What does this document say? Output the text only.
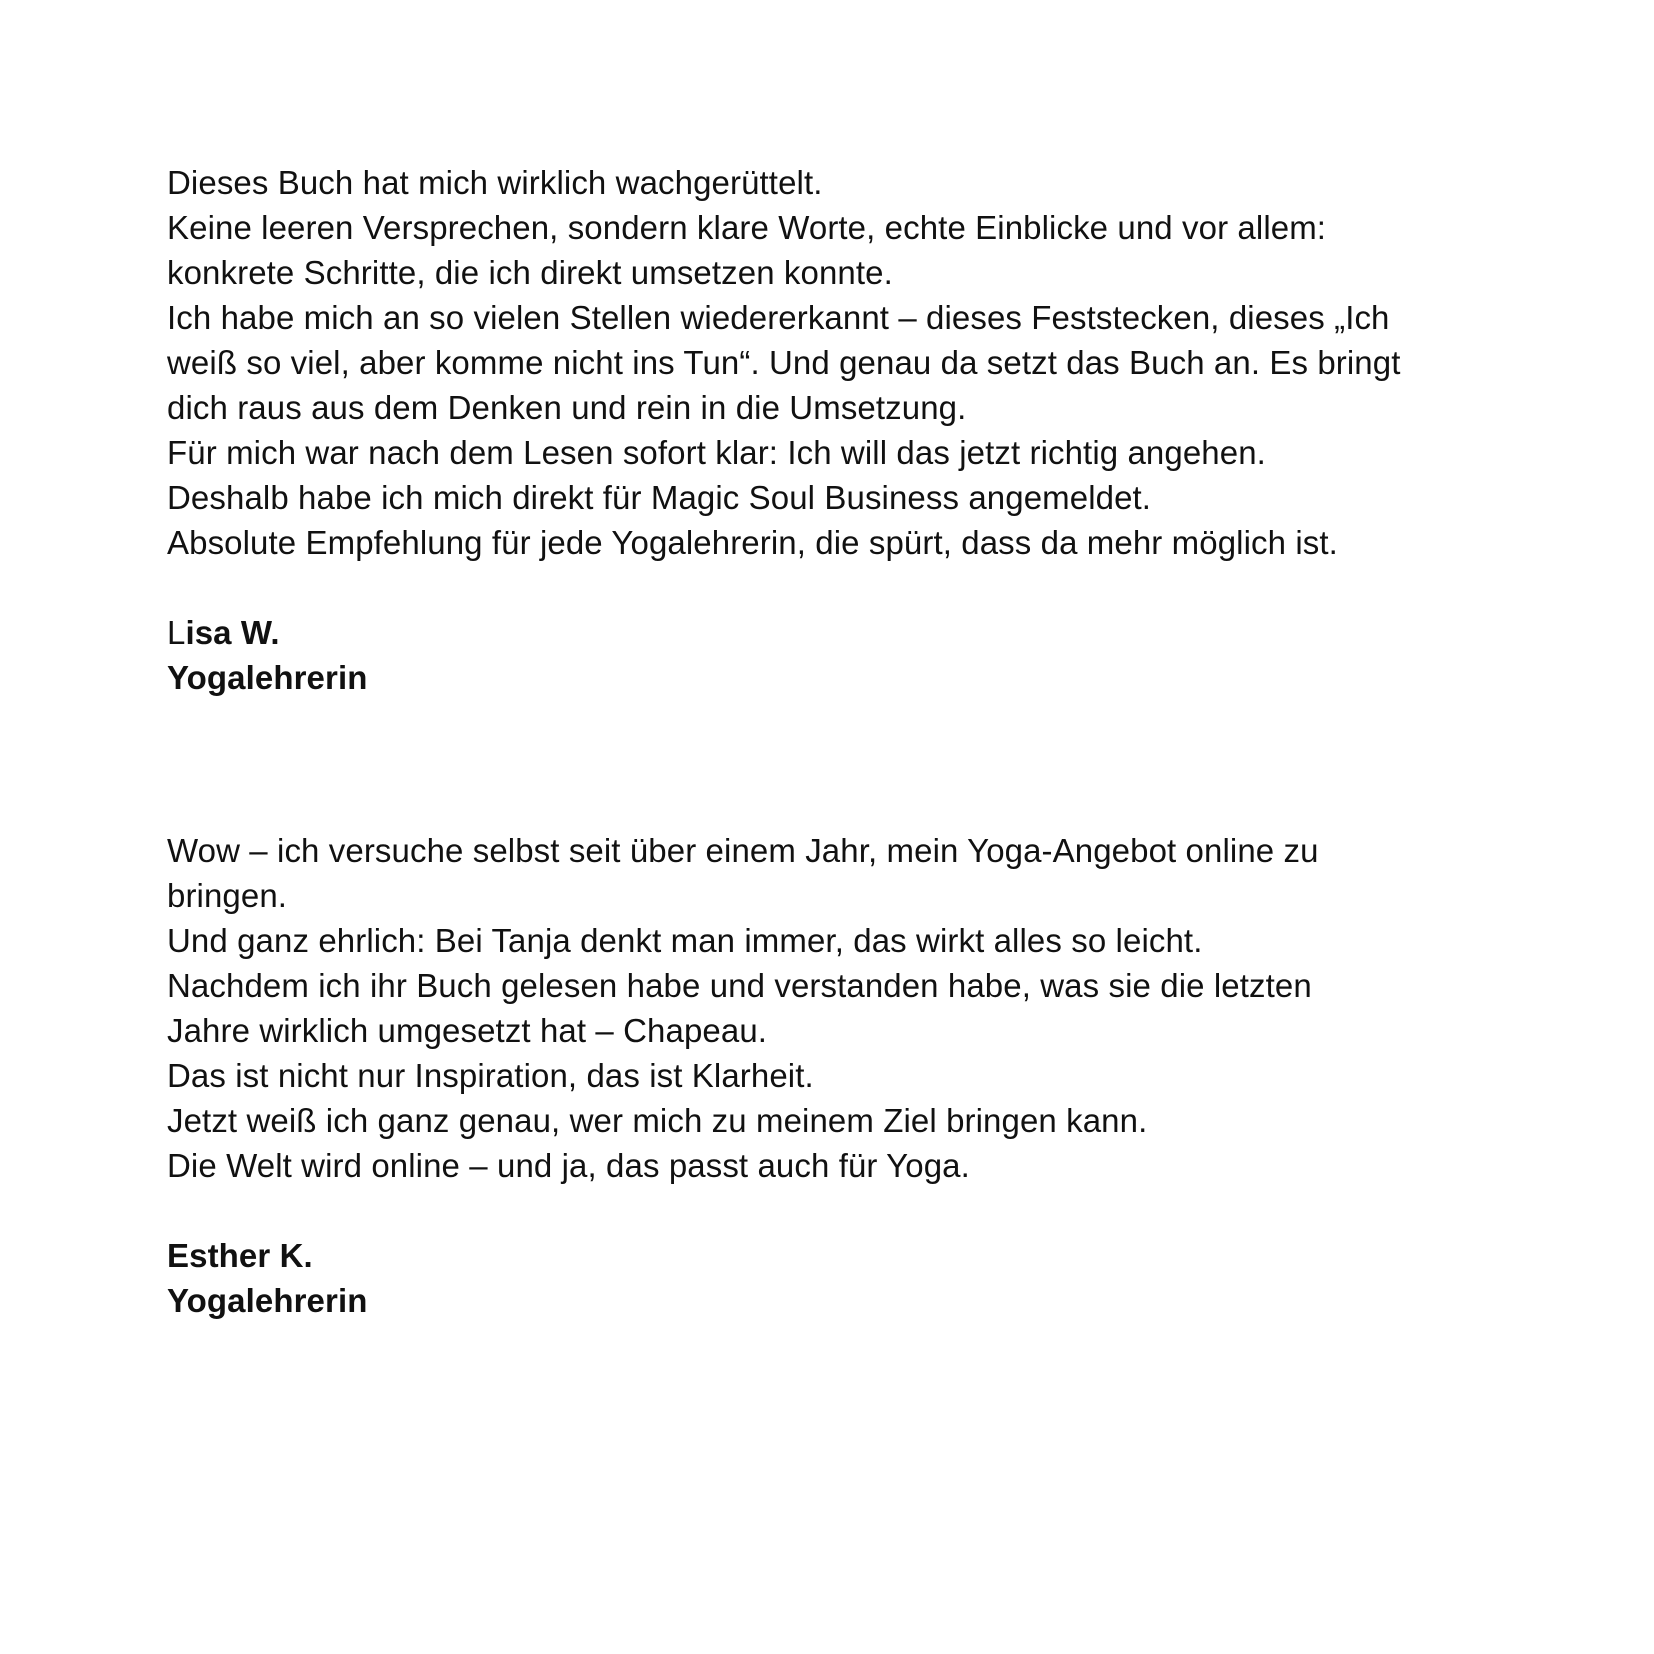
Dieses Buch hat mich wirklich wachgerüttelt.
Keine leeren Versprechen, sondern klare Worte, echte Einblicke und vor allem:
konkrete Schritte, die ich direkt umsetzen konnte.
Ich habe mich an so vielen Stellen wiedererkannt – dieses Feststecken, dieses „Ich
weiß so viel, aber komme nicht ins Tun“. Und genau da setzt das Buch an. Es bringt
dich raus aus dem Denken und rein in die Umsetzung.
Für mich war nach dem Lesen sofort klar: Ich will das jetzt richtig angehen.
Deshalb habe ich mich direkt für Magic Soul Business angemeldet.
Absolute Empfehlung für jede Yogalehrerin, die spürt, dass da mehr möglich ist.
Lisa W.
Yogalehrerin
Wow – ich versuche selbst seit über einem Jahr, mein Yoga-Angebot online zu
bringen.
Und ganz ehrlich: Bei Tanja denkt man immer, das wirkt alles so leicht.
Nachdem ich ihr Buch gelesen habe und verstanden habe, was sie die letzten
Jahre wirklich umgesetzt hat – Chapeau.
Das ist nicht nur Inspiration, das ist Klarheit.
Jetzt weiß ich ganz genau, wer mich zu meinem Ziel bringen kann.
Die Welt wird online – und ja, das passt auch für Yoga.
Esther K.
Yogalehrerin
